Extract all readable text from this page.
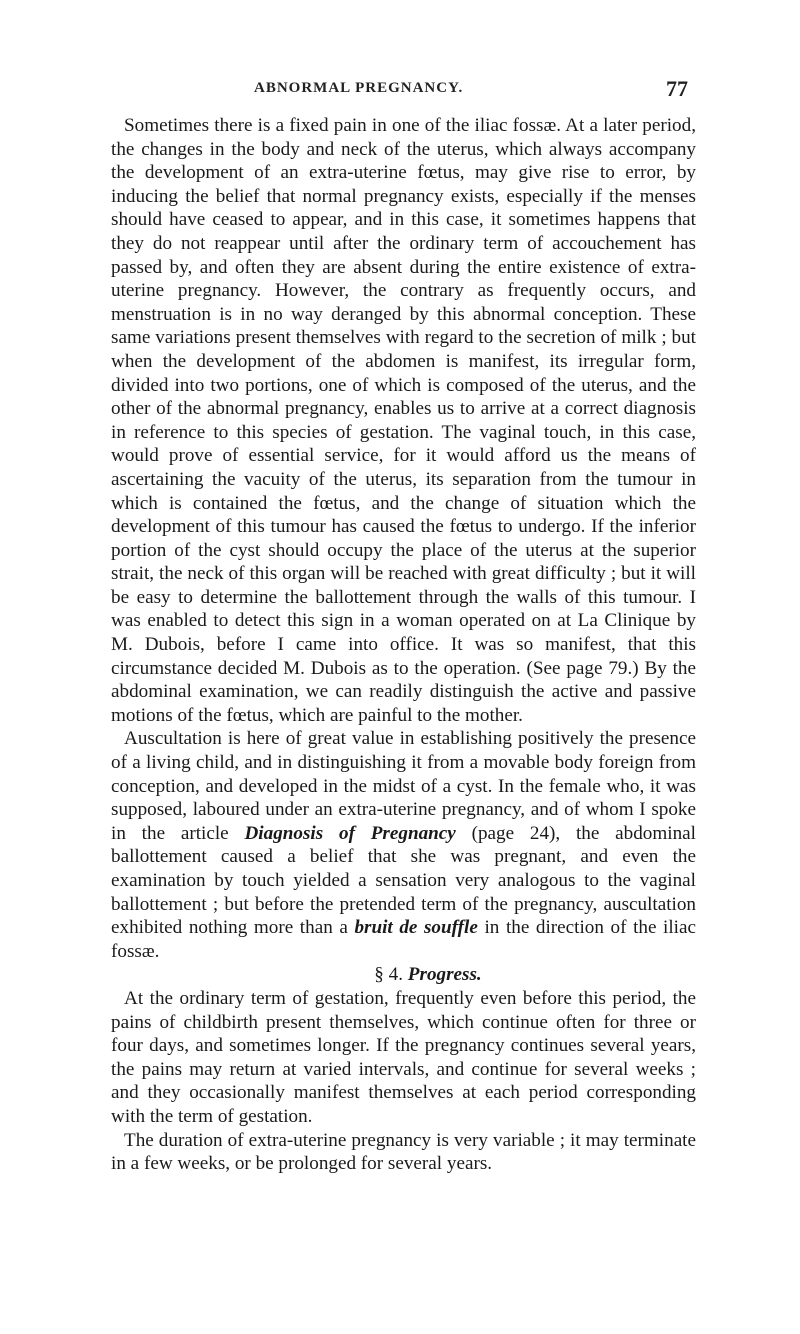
ABNORMAL PREGNANCY.	77

Sometimes there is a fixed pain in one of the iliac fossæ. At a later period, the changes in the body and neck of the uterus, which always accompany the development of an extra-uterine fœtus, may give rise to error, by inducing the belief that normal pregnancy exists, especially if the menses should have ceased to appear, and in this case, it sometimes happens that they do not reappear until after the ordinary term of accouchement has passed by, and often they are absent during the entire existence of extra-uterine pregnancy. However, the contrary as frequently occurs, and menstruation is in no way deranged by this abnormal conception. These same variations present themselves with regard to the secretion of milk ; but when the development of the abdomen is manifest, its irregular form, divided into two portions, one of which is composed of the uterus, and the other of the abnormal pregnancy, enables us to arrive at a correct diagnosis in reference to this species of gestation. The vaginal touch, in this case, would prove of essential service, for it would afford us the means of ascertaining the vacuity of the uterus, its separation from the tumour in which is contained the fœtus, and the change of situation which the development of this tumour has caused the fœtus to undergo. If the inferior portion of the cyst should occupy the place of the uterus at the superior strait, the neck of this organ will be reached with great difficulty ; but it will be easy to determine the ballottement through the walls of this tumour. I was enabled to detect this sign in a woman operated on at La Clinique by M. Dubois, before I came into office. It was so manifest, that this circumstance decided M. Dubois as to the operation. (See page 79.) By the abdominal examination, we can readily distinguish the active and passive motions of the fœtus, which are painful to the mother.

Auscultation is here of great value in establishing positively the presence of a living child, and in distinguishing it from a movable body foreign from conception, and developed in the midst of a cyst. In the female who, it was supposed, laboured under an extra-uterine pregnancy, and of whom I spoke in the article Diagnosis of Pregnancy (page 24), the abdominal ballottement caused a belief that she was pregnant, and even the examination by touch yielded a sensation very analogous to the vaginal ballottement ; but before the pretended term of the pregnancy, auscultation exhibited nothing more than a bruit de souffle in the direction of the iliac fossæ.

§ 4. Progress.

At the ordinary term of gestation, frequently even before this period, the pains of childbirth present themselves, which continue often for three or four days, and sometimes longer. If the pregnancy continues several years, the pains may return at varied intervals, and continue for several weeks ; and they occasionally manifest themselves at each period corresponding with the term of gestation.

The duration of extra-uterine pregnancy is very variable ; it may terminate in a few weeks, or be prolonged for several years.
